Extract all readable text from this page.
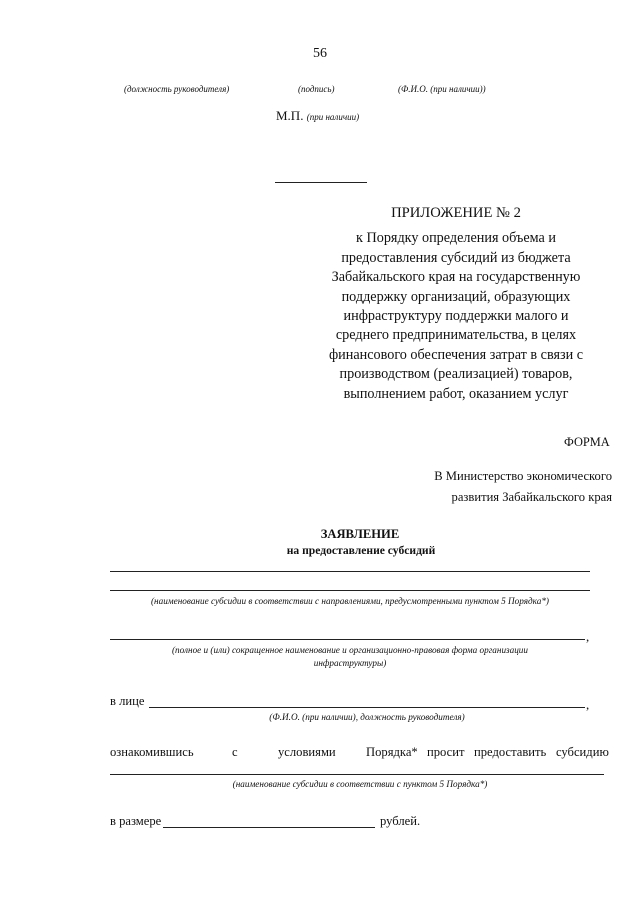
56
(должность руководителя)	(подпись)	(Ф.И.О. (при наличии))
М.П. (при наличии)
ПРИЛОЖЕНИЕ № 2
к Порядку определения объема и
предоставления субсидий из бюджета
Забайкальского края на государственную
поддержку организаций, образующих
инфраструктуру поддержки малого и
среднего предпринимательства, в целях
финансового обеспечения затрат в связи с
производством (реализацией) товаров,
выполнением работ, оказанием услуг
ФОРМА
В Министерство экономического
развития Забайкальского края
ЗАЯВЛЕНИЕ
на предоставление субсидий
(наименование субсидии в соответствии с направлениями, предусмотренными пунктом 5 Порядка*)
,
(полное и (или) сокращенное наименование и организационно-правовая форма организации
инфраструктуры)
в лице	,
(Ф.И.О. (при наличии), должность руководителя)
ознакомившись	с	условиями Порядка* просит предоставить субсидию
(наименование субсидии в соответствии с пунктом 5 Порядка*)
в размере	рублей.
